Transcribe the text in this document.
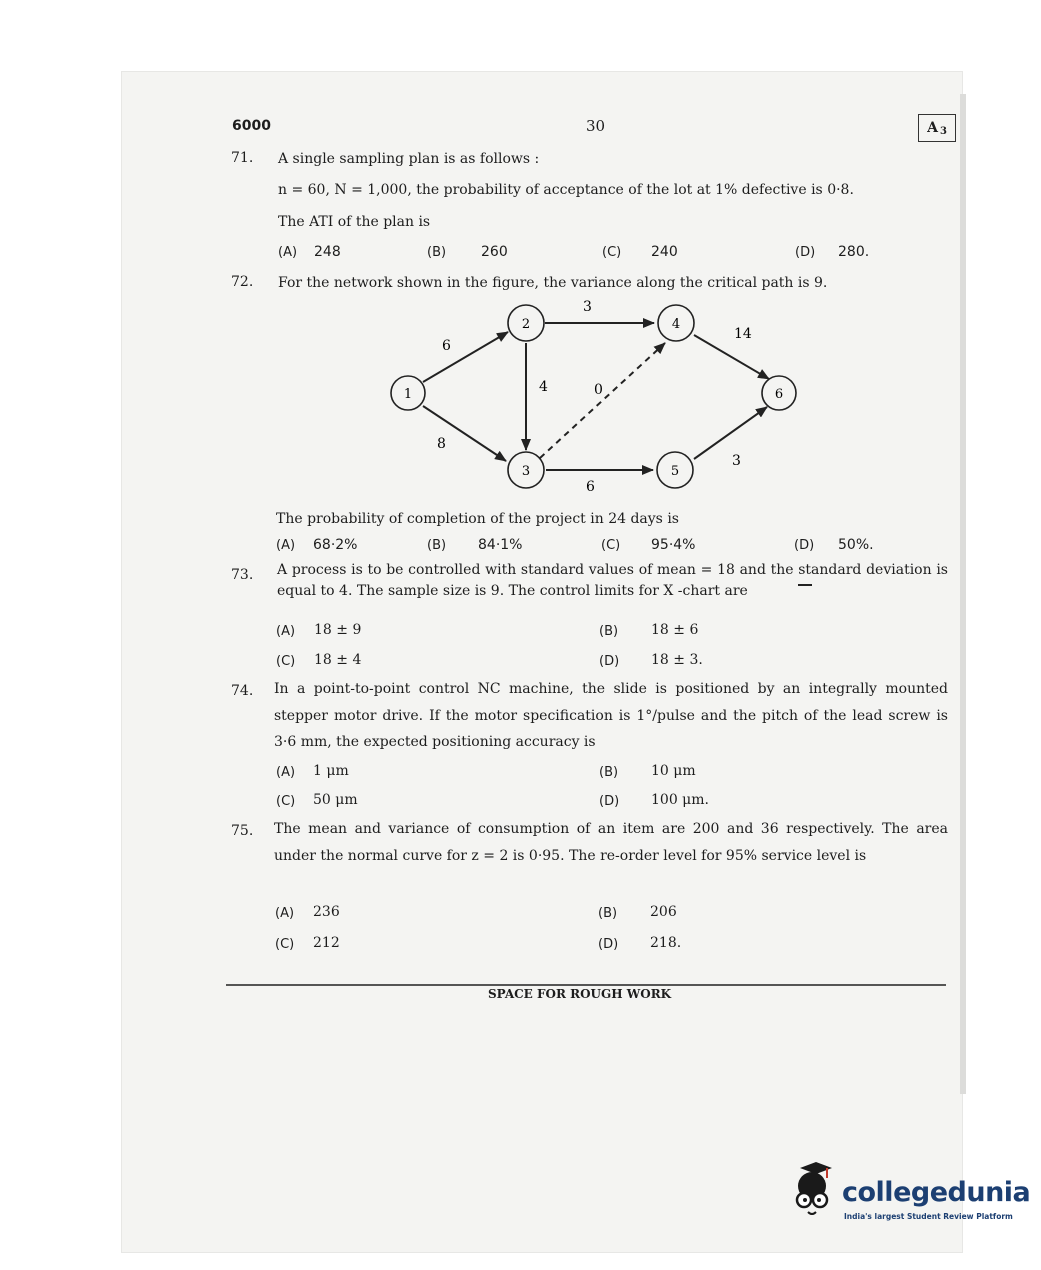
6000	30	A 3
71. A single sampling plan is as follows :
n = 60, N = 1,000, the probability of acceptance of the lot at 1% defective is 0·8.
The ATI of the plan is
(A) 248	(B) 260	(C) 240	(D) 280.
72. For the network shown in the figure, the variance along the critical path is 9.
1
2
3
4
5
6
6
8
3
4	0
6
14
3
The probability of completion of the project in 24 days is
(A) 68·2%	(B) 84·1%	(C) 95·4%	(D) 50%.
73. A process is to be controlled with standard values of mean = 18 and the standard deviation is equal to 4. The sample size is 9. The control limits for X -chart are
(A) 18 ± 9	(B) 18 ± 6
(C) 18 ± 4	(D) 18 ± 3.
74. In a point-to-point control NC machine, the slide is positioned by an integrally mounted stepper motor drive. If the motor specification is 1°/pulse and the pitch of the lead screw is 3·6 mm, the expected positioning accuracy is
(A) 1 μm	(B) 10 μm
(C) 50 μm	(D) 100 μm.
75. The mean and variance of consumption of an item are 200 and 36 respectively. The area under the normal curve for z = 2 is 0·95. The re-order level for 95% service level is
(A) 236	(B) 206
(C) 212	(D) 218.
SPACE FOR ROUGH WORK
collegedunia
India's largest Student Review Platform
